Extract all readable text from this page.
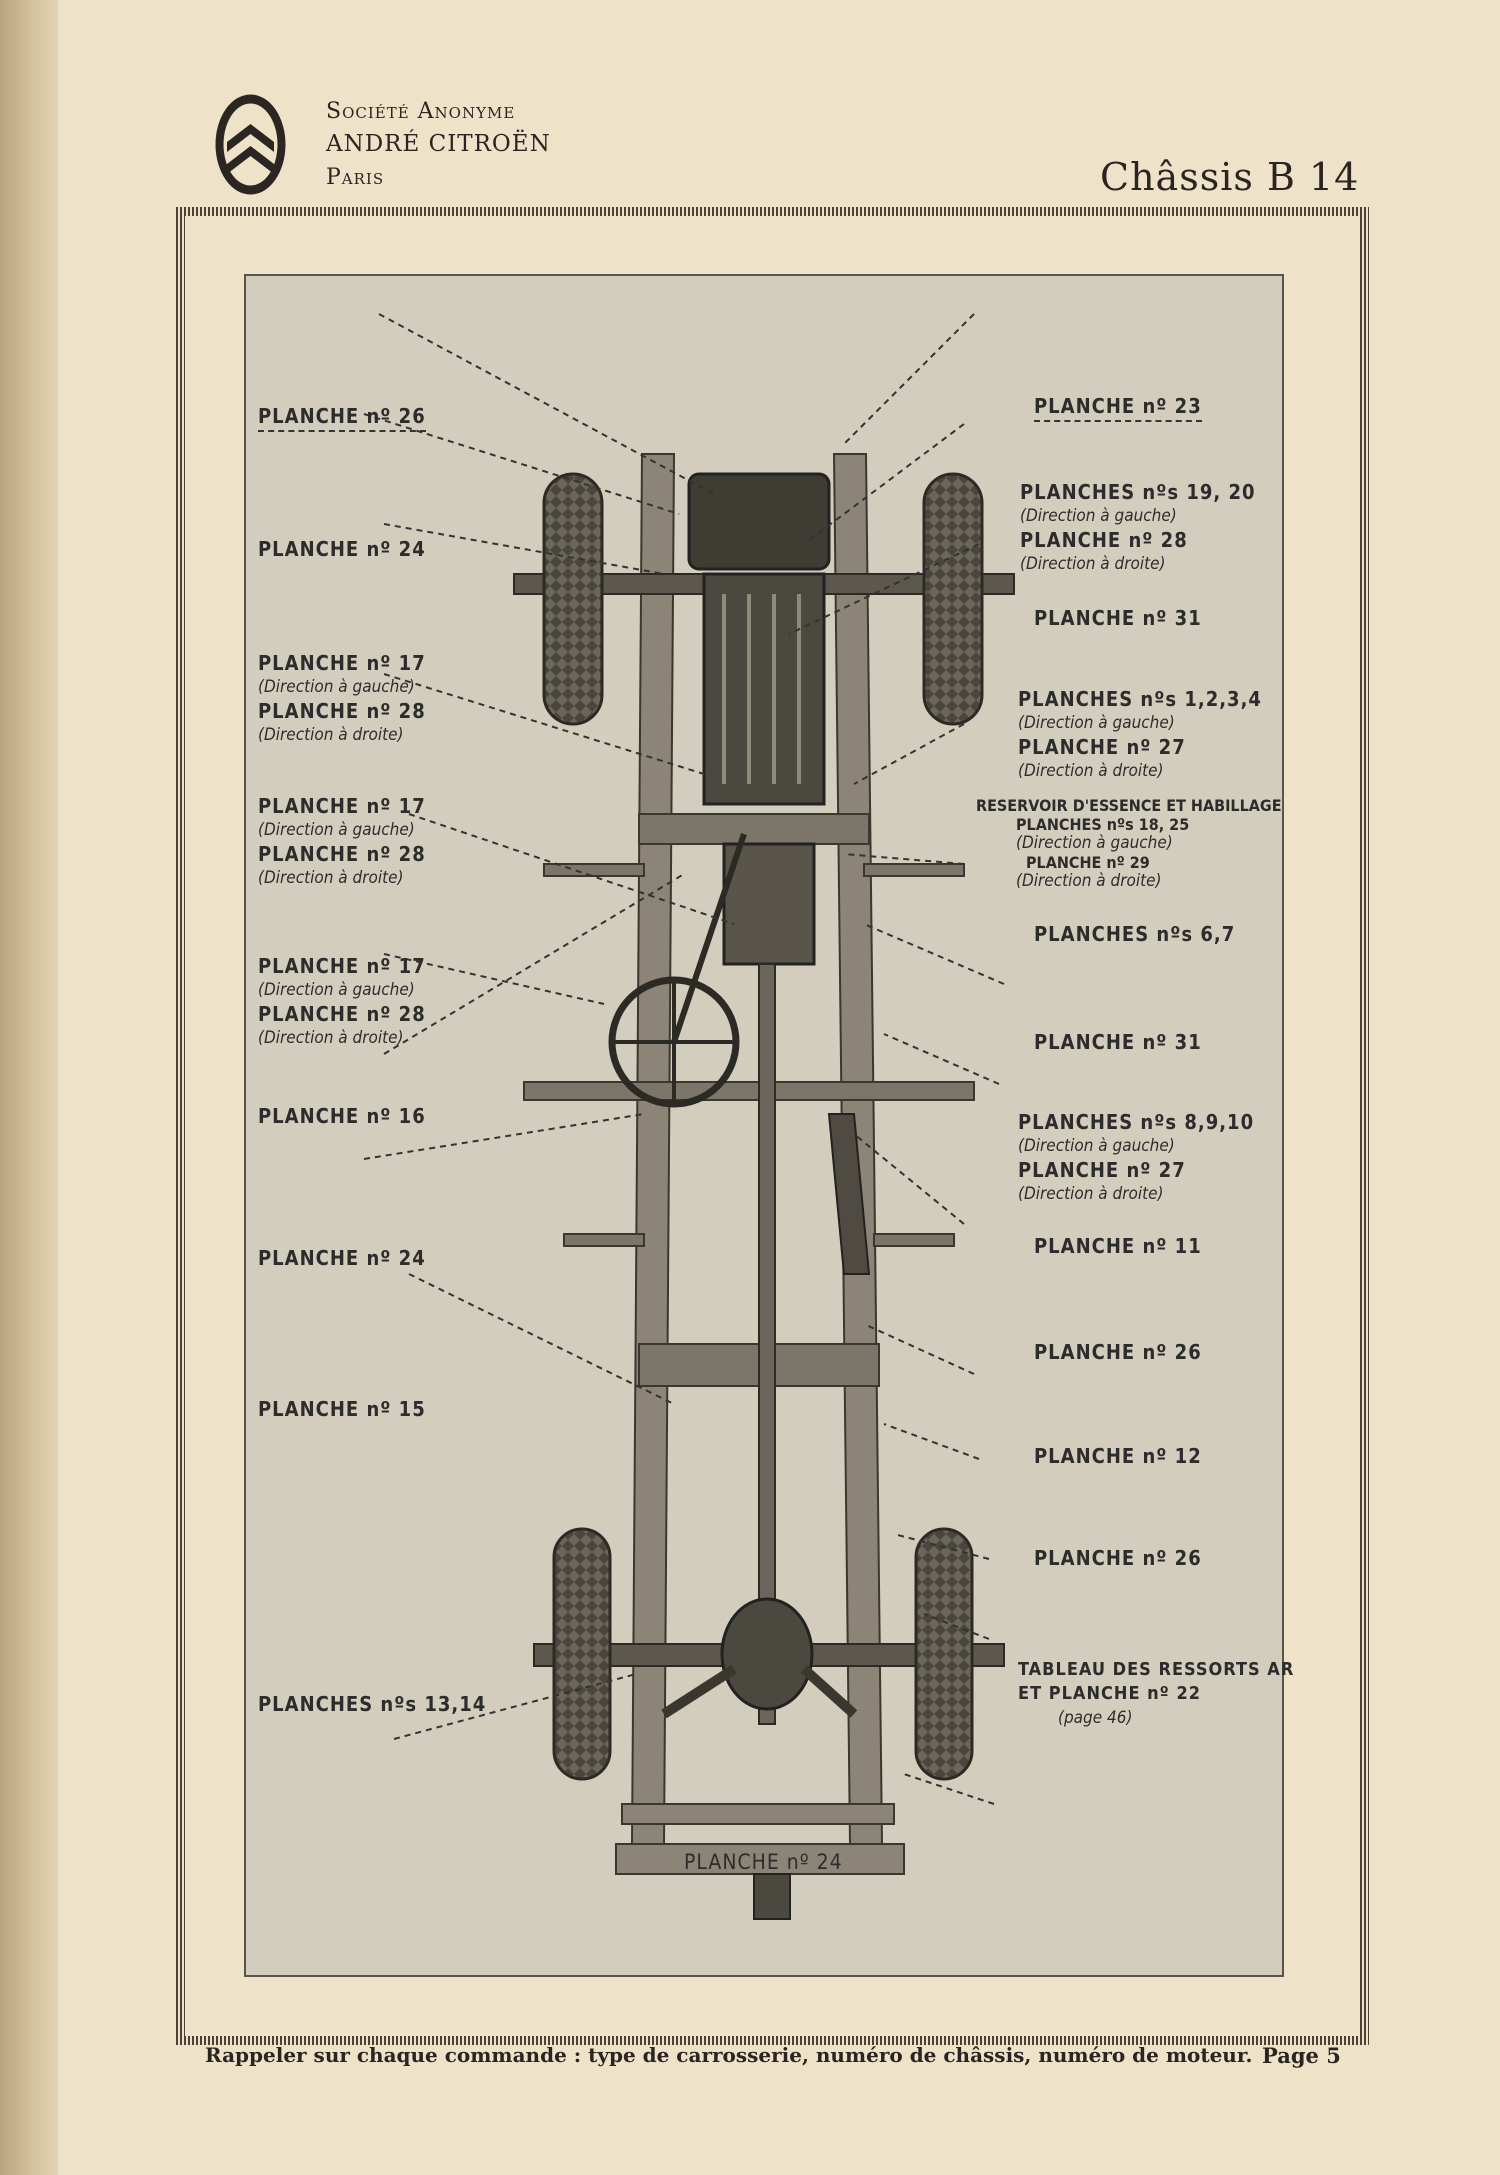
Société Anonyme
ANDRÉ CITROËN
Paris	Châssis B 14
PLANCHE nº 26
PLANCHE nº 24
PLANCHE nº 17
(Direction à gauche)
PLANCHE nº 28
(Direction à droite)
PLANCHE nº 17
(Direction à gauche)
PLANCHE nº 28
(Direction à droite)
PLANCHE nº 17
(Direction à gauche)
PLANCHE nº 28
(Direction à droite)
PLANCHE nº 16
PLANCHE nº 24
PLANCHE nº 15
PLANCHES nºs 13,14
PLANCHE nº 23
PLANCHES nºs 19, 20
(Direction à gauche)
PLANCHE nº 28
(Direction à droite)
PLANCHE nº 31
PLANCHES nºs 1,2,3,4
(Direction à gauche)
PLANCHE nº 27
(Direction à droite)
RESERVOIR D'ESSENCE ET HABILLAGE
PLANCHES nºs 18, 25
(Direction à gauche)
PLANCHE nº 29
(Direction à droite)
PLANCHES nºs 6,7
PLANCHE nº 31
PLANCHES nºs 8,9,10
(Direction à gauche)
PLANCHE nº 27
(Direction à droite)
PLANCHE nº 11
PLANCHE nº 26
PLANCHE nº 12
PLANCHE nº 26
TABLEAU DES RESSORTS AR
ET PLANCHE nº 22
(page 46)
PLANCHE nº 24
Rappeler sur chaque commande : type de carrosserie, numéro de châssis, numéro de moteur. Page 5
